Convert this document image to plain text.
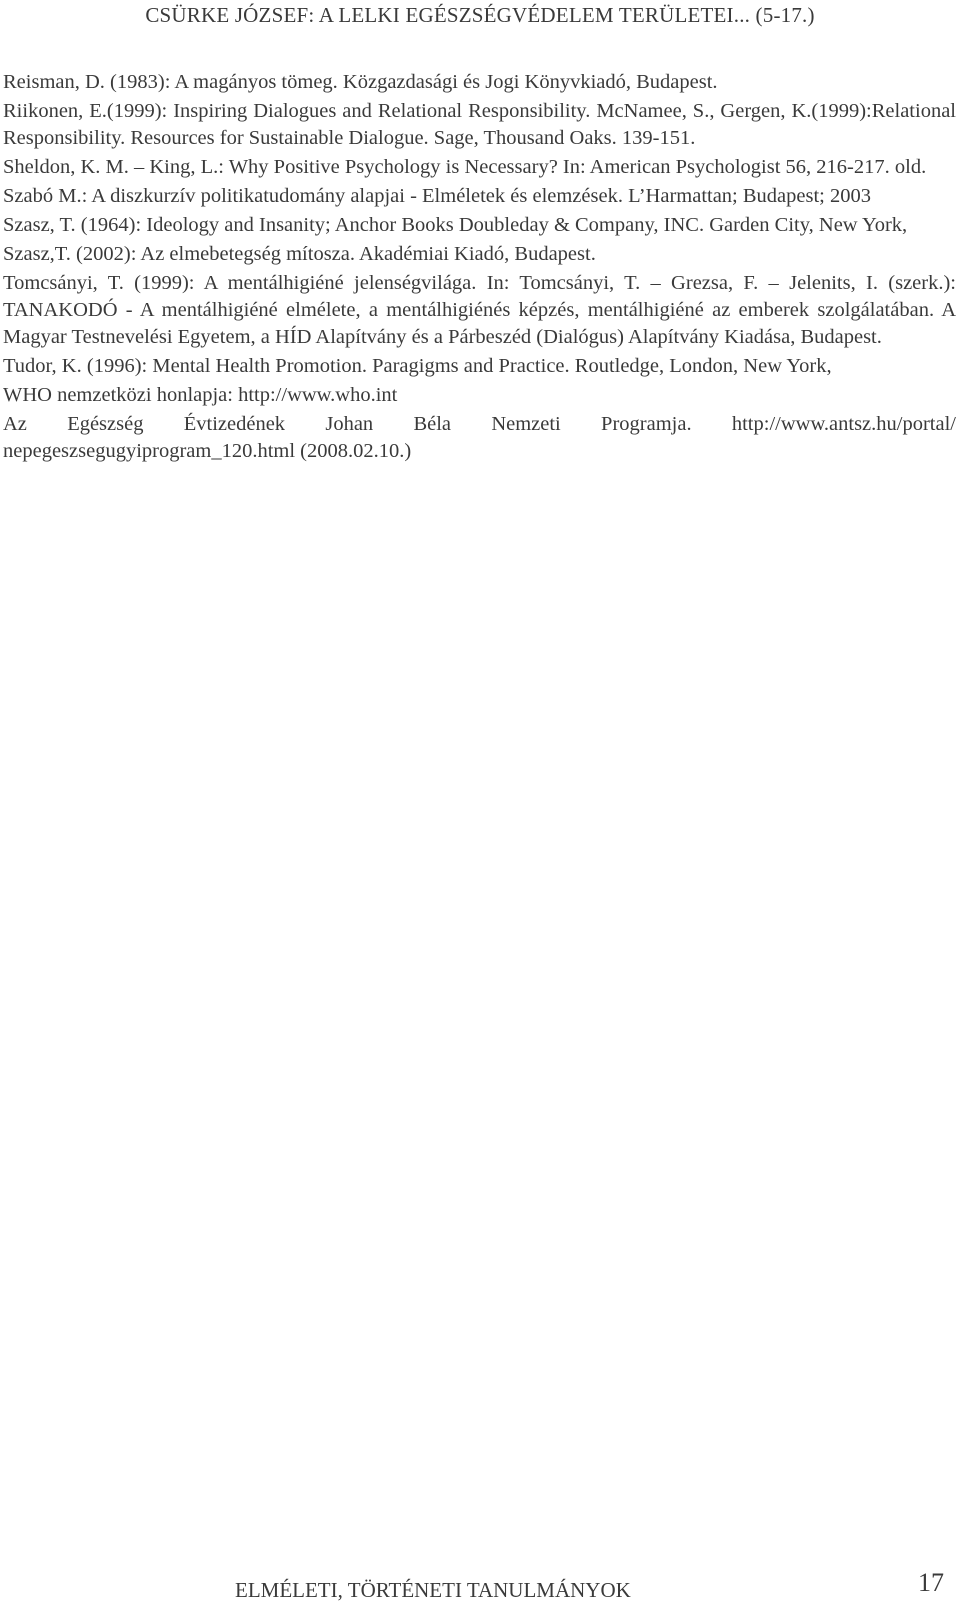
CSÜRKE JÓZSEF: A LELKI EGÉSZSÉGVÉDELEM TERÜLETEI... (5-17.)

Reisman, D. (1983): A magányos tömeg. Közgazdasági és Jogi Könyvkiadó, Budapest.

Riikonen, E.(1999): Inspiring Dialogues and Relational Responsibility. McNamee, S., Gergen, K.(1999):Relational Responsibility. Resources for Sustainable Dialogue. Sage, Thousand Oaks. 139-151.

Sheldon, K. M. – King, L.: Why Positive Psychology is Necessary? In: American Psychologist 56, 216-217. old.

Szabó M.: A diszkurzív politikatudomány alapjai - Elméletek és elemzések. L’Harmattan; Budapest; 2003

Szasz, T. (1964): Ideology and Insanity; Anchor Books Doubleday & Company, INC. Garden City, New York,

Szasz,T. (2002): Az elmebetegség mítosza. Akadémiai Kiadó, Budapest.

Tomcsányi, T. (1999): A mentálhigiéné jelenségvilága. In: Tomcsányi, T. – Grezsa, F. – Jelenits, I. (szerk.): TANAKODÓ - A mentálhigiéné elmélete, a mentálhigiénés képzés, mentálhigiéné az emberek szolgálatában. A Magyar Testnevelési Egyetem, a HÍD Alapítvány és a Párbeszéd (Dialógus) Alapítvány Kiadása, Budapest.

Tudor, K. (1996): Mental Health Promotion. Paragigms and Practice. Routledge, London, New York,

WHO nemzetközi honlapja: http://www.who.int

Az Egészség Évtizedének Johan Béla Nemzeti Programja. http://www.antsz.hu/portal/ nepegeszsegugyiprogram_120.html (2008.02.10.)

ELMÉLETI, TÖRTÉNETI TANULMÁNYOK	17
